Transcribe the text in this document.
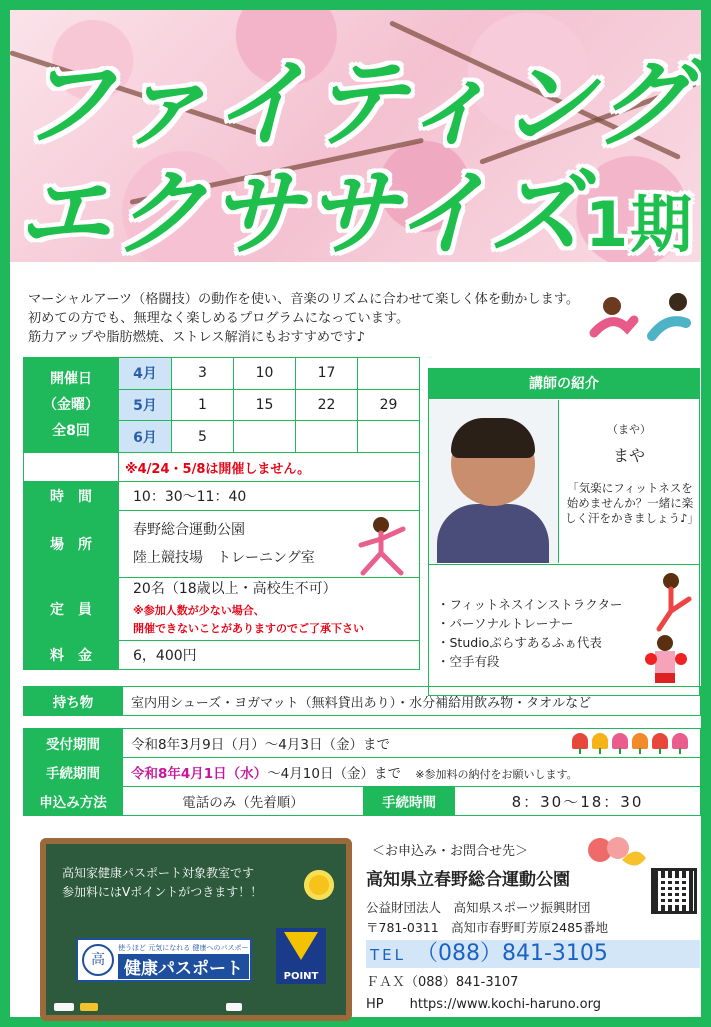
ファイティング
エクササイズ1期
マーシャルアーツ（格闘技）の動作を使い、音楽のリズムに合わせて楽しく体を動かします。
初めての方でも、無理なく楽しめるプログラムになっています。
筋力アップや脂肪燃焼、ストレス解消にもおすすめです♪
開催日
（金曜）
全8回	4月	3	10	17	
	5月	1	15	22	29
	6月	5			
	※4/24・5/8は開催しません。				
時　間	10：30～11：40				
場　所	春野総合運動公園
陸上競技場　トレーニング室				

定　員	20名（18歳以上・高校生不可）
※参加人数が少ない場合、
開催できないことがありますのでご了承下さい				

料　金	6，400円				
持ち物	室内用シューズ・ヨガマット（無料貸出あり）・水分補給用飲み物・タオルなど
講師の紹介
（まや）
まや
「気楽にフィットネスを始めませんか？一緒に楽しく汗をかきましょう♪」
・フィットネスインストラクター
・パーソナルトレーナー
・Studioぷらすあるふぁ代表
・空手有段
受付期間	令和8年3月9日（月）～4月3日（金）まで		

手続期間	令和8年4月1日（水）～4月10日（金）まで ※参加料の納付をお願いします。		
申込み方法	電話のみ（先着順）	手続時間	8：30～18：30
高知家健康パスポート対象教室です
参加料にはVポイントがつきます！！
高
使うほど 元気になれる 健康へのパスポート
健康パスポート	POINT
＜お申込み・お問合せ先＞
高知県立春野総合運動公園
公益財団法人　高知県スポーツ振興財団
〒781-0311　高知市春野町芳原2485番地
TEL （088）841-3105
ＦＡＸ（088）841-3107
HP　　https://www.kochi-haruno.org
